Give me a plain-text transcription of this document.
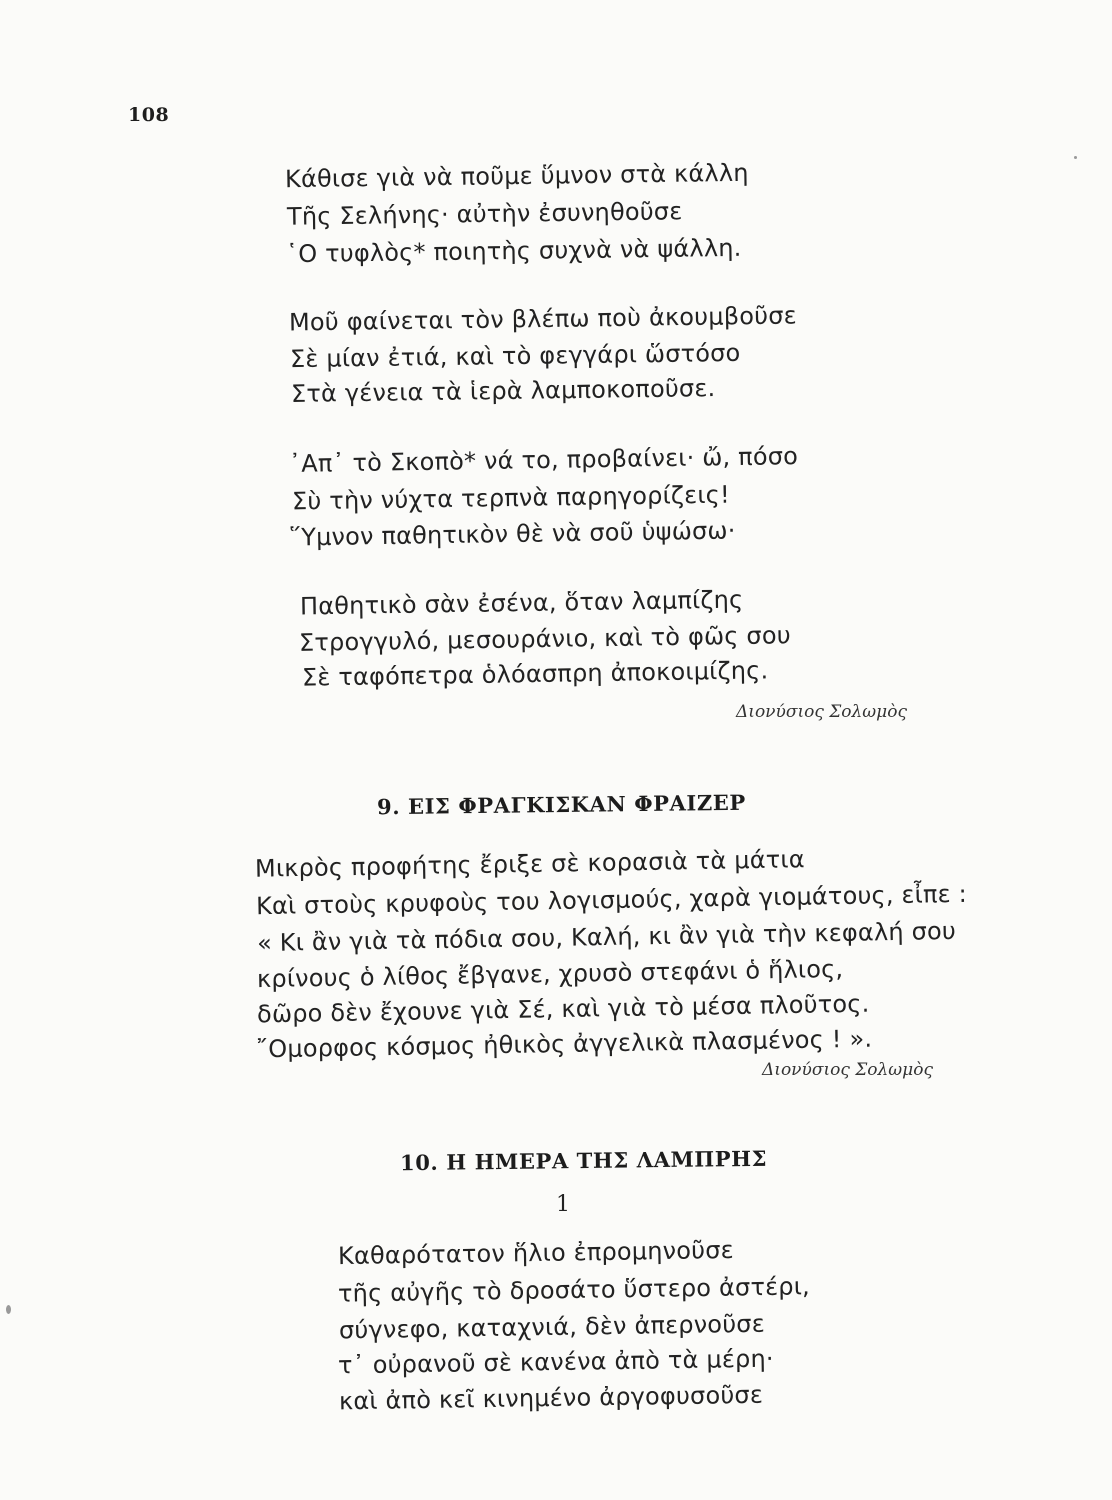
108
Κάθισε γιὰ νὰ ποῦμε ὕμνον στὰ κάλλη
Τῆς Σελήνης· αὐτὴν ἐσυνηθοῦσε
῾Ο τυφλὸς* ποιητὴς συχνὰ νὰ ψάλλη.
Μοῦ φαίνεται τὸν βλέπω ποὺ ἀκουμβοῦσε
Σὲ μίαν ἐτιά, καὶ τὸ φεγγάρι ὥστόσο
Στὰ γένεια τὰ ἱερὰ λαμποκοποῦσε.
᾿Απ᾿ τὸ Σκοπὸ* νά το, προβαίνει· ὤ, πόσο
Σὺ τὴν νύχτα τερπνὰ παρηγορίζεις!
῞Υμνον παθητικὸν θὲ νὰ σοῦ ὑψώσω·
Παθητικὸ σὰν ἐσένα, ὅταν λαμπίζης
Στρογγυλό, μεσουράνιο, καὶ τὸ φῶς σου
Σὲ ταφόπετρα ὁλόασπρη ἀποκοιμίζης.
Διονύσιος Σολωμὸς
9. ΕΙΣ ΦΡΑΓΚΙΣΚΑΝ ΦΡΑΙΖΕΡ
Μικρὸς προφήτης ἔριξε σὲ κορασιὰ τὰ μάτια
Καὶ στοὺς κρυφοὺς του λογισμούς, χαρὰ γιομάτους, εἶπε :
« Κι ἂν γιὰ τὰ πόδια σου, Καλή, κι ἂν γιὰ τὴν κεφαλή σου
κρίνους ὁ λίθος ἔβγανε, χρυσὸ στεφάνι ὁ ἥλιος,
δῶρο δὲν ἔχουνε γιὰ Σέ, καὶ γιὰ τὸ μέσα πλοῦτος.
῎Ομορφος κόσμος ἠθικὸς ἀγγελικὰ πλασμένος ! ».
Διονύσιος Σολωμὸς
10. Η ΗΜΕΡΑ ΤΗΣ ΛΑΜΠΡΗΣ
1
Καθαρότατον ἥλιο ἐπρομηνοῦσε
τῆς αὐγῆς τὸ δροσάτο ὕστερο ἀστέρι,
σύγνεφο, καταχνιά, δὲν ἀπερνοῦσε
τ᾿ οὐρανοῦ σὲ κανένα ἀπὸ τὰ μέρη·
καὶ ἀπὸ κεῖ κινημένο ἀργοφυσοῦσε
